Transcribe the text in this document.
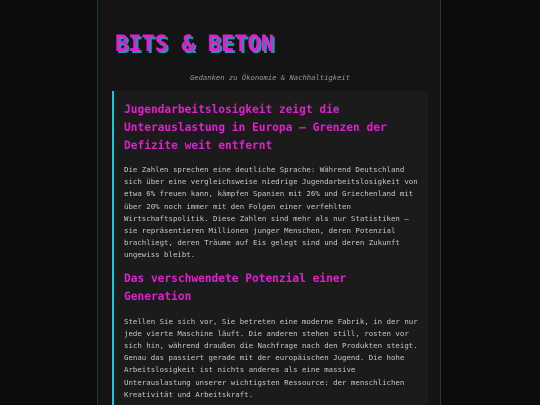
BITS & BETON
Gedanken zu Ökonomie & Nachhaltigkeit
Jugendarbeitslosigkeit zeigt die Unterauslastung in Europa – Grenzen der Defizite weit entfernt

Die Zahlen sprechen eine deutliche Sprache: Während Deutschland sich über eine vergleichsweise niedrige Jugendarbeitslosigkeit von etwa 6% freuen kann, kämpfen Spanien mit 26% und Griechenland mit über 20% noch immer mit den Folgen einer verfehlten Wirtschaftspolitik. Diese Zahlen sind mehr als nur Statistiken – sie repräsentieren Millionen junger Menschen, deren Potenzial brachliegt, deren Träume auf Eis gelegt sind und deren Zukunft ungewiss bleibt.

Das verschwendete Potenzial einer Generation

Stellen Sie sich vor, Sie betreten eine moderne Fabrik, in der nur jede vierte Maschine läuft. Die anderen stehen still, rosten vor sich hin, während draußen die Nachfrage nach den Produkten steigt. Genau das passiert gerade mit der europäischen Jugend. Die hohe Arbeitslosigkeit ist nichts anderes als eine massive Unterauslastung unserer wichtigsten Ressource: der menschlichen Kreativität und Arbeitskraft.
